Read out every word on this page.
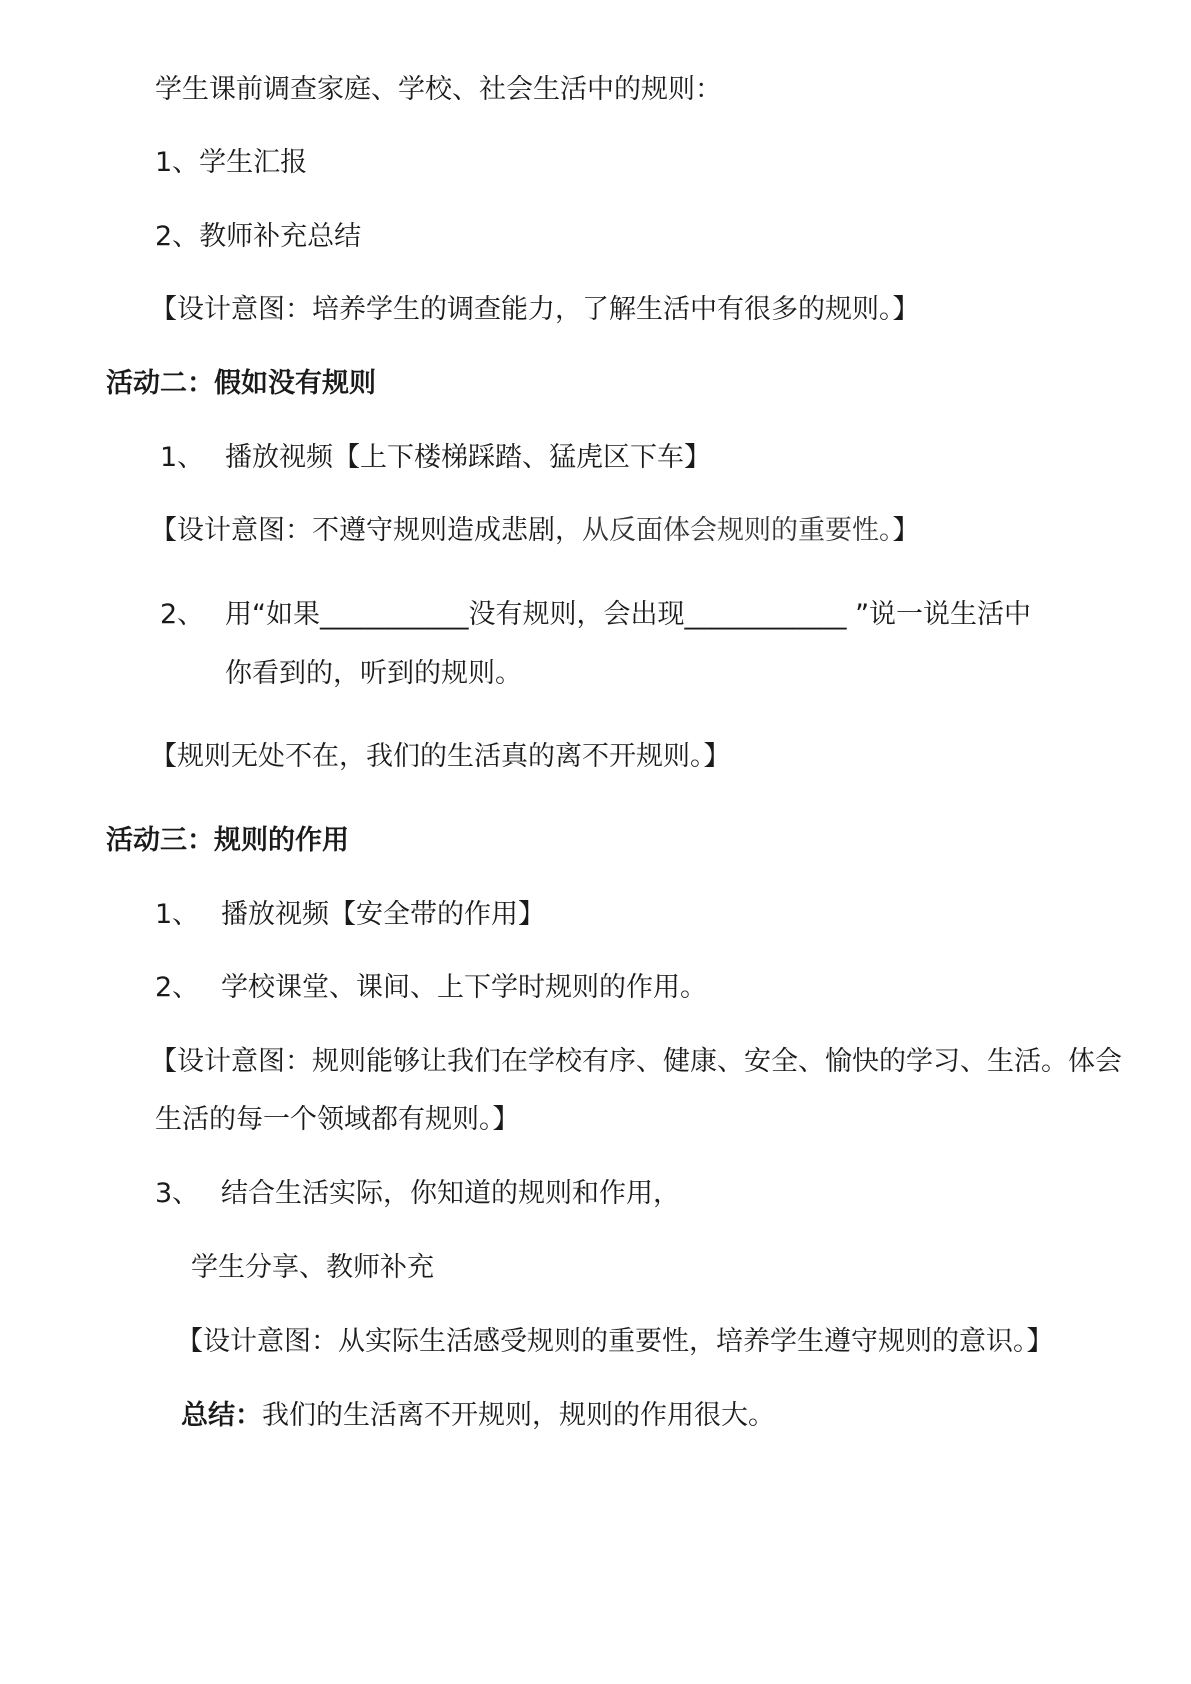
学生课前调查家庭、学校、社会生活中的规则：
1、学生汇报
2、教师补充总结
【设计意图：培养学生的调查能力，了解生活中有很多的规则。】
活动二：假如没有规则
1、 播放视频【上下楼梯踩踏、猛虎区下车】
【设计意图：不遵守规则造成悲剧，从反面体会规则的重要性。】
2、 用“如果___________没有规则，会出现____________ ”说一说生活中
你看到的，听到的规则。
【规则无处不在，我们的生活真的离不开规则。】
活动三：规则的作用
1、 播放视频【安全带的作用】
2、 学校课堂、课间、上下学时规则的作用。
【设计意图：规则能够让我们在学校有序、健康、安全、愉快的学习、生活。体会
生活的每一个领域都有规则。】
3、 结合生活实际，你知道的规则和作用，
学生分享、教师补充
【设计意图：从实际生活感受规则的重要性，培养学生遵守规则的意识。】
总结：我们的生活离不开规则，规则的作用很大。
